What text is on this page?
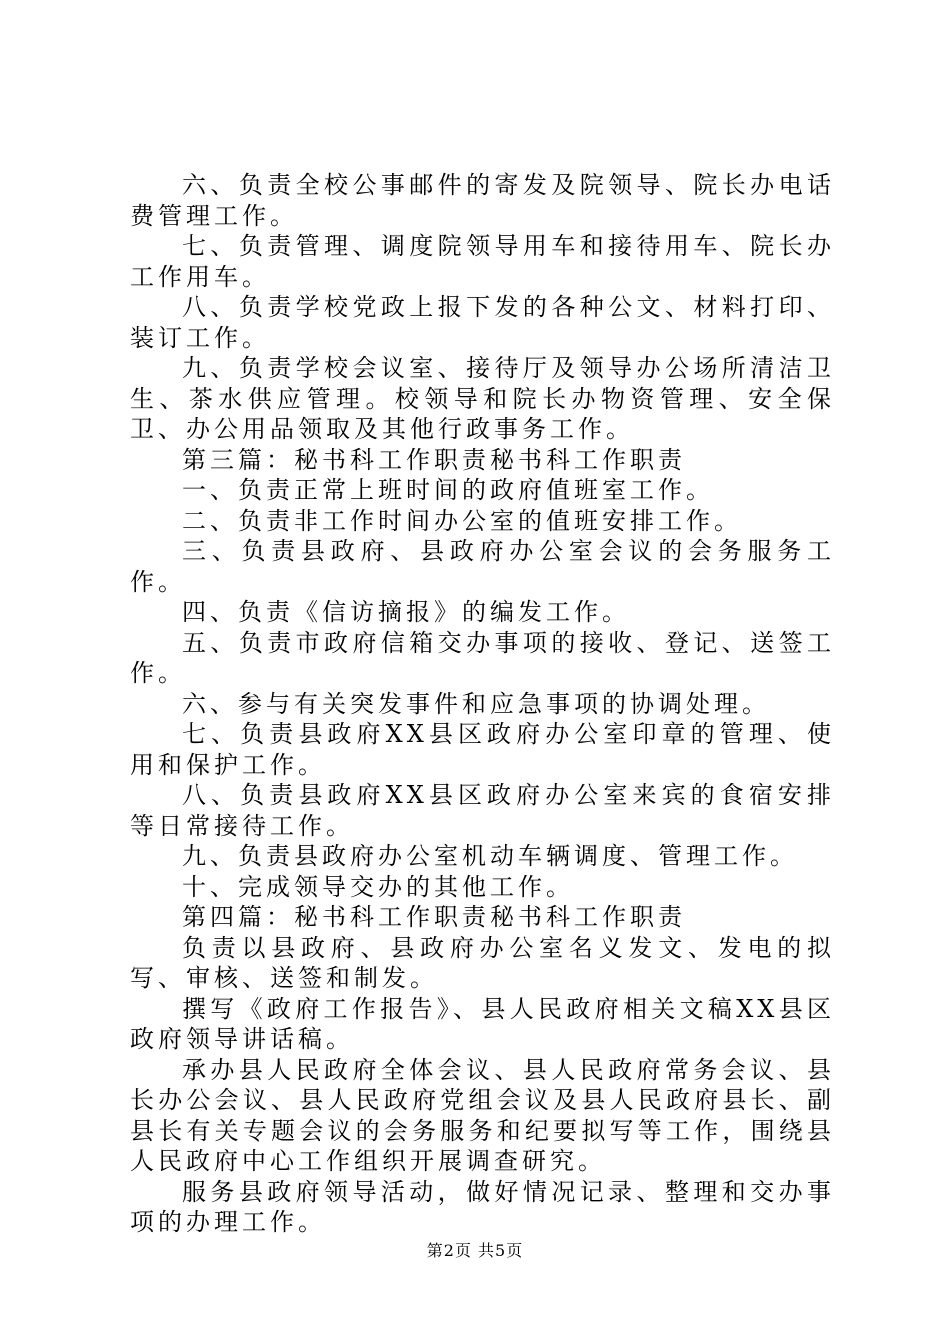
六、负责全校公事邮件的寄发及院领导、院长办电话费管理工作。

七、负责管理、调度院领导用车和接待用车、院长办工作用车。

八、负责学校党政上报下发的各种公文、材料打印、装订工作。

九、负责学校会议室、接待厅及领导办公场所清洁卫生、茶水供应管理。校领导和院长办物资管理、安全保卫、办公用品领取及其他行政事务工作。

第三篇：秘书科工作职责秘书科工作职责

一、负责正常上班时间的政府值班室工作。

二、负责非工作时间办公室的值班安排工作。

三、负责县政府、县政府办公室会议的会务服务工作。

四、负责《信访摘报》的编发工作。

五、负责市政府信箱交办事项的接收、登记、送签工作。

六、参与有关突发事件和应急事项的协调处理。

七、负责县政府XX县区政府办公室印章的管理、使用和保护工作。

八、负责县政府XX县区政府办公室来宾的食宿安排等日常接待工作。

九、负责县政府办公室机动车辆调度、管理工作。

十、完成领导交办的其他工作。

第四篇：秘书科工作职责秘书科工作职责

负责以县政府、县政府办公室名义发文、发电的拟写、审核、送签和制发。

撰写《政府工作报告》、县人民政府相关文稿XX县区政府领导讲话稿。

承办县人民政府全体会议、县人民政府常务会议、县长办公会议、县人民政府党组会议及县人民政府县长、副县长有关专题会议的会务服务和纪要拟写等工作，围绕县人民政府中心工作组织开展调查研究。

服务县政府领导活动，做好情况记录、整理和交办事项的办理工作。

第2页 共5页
